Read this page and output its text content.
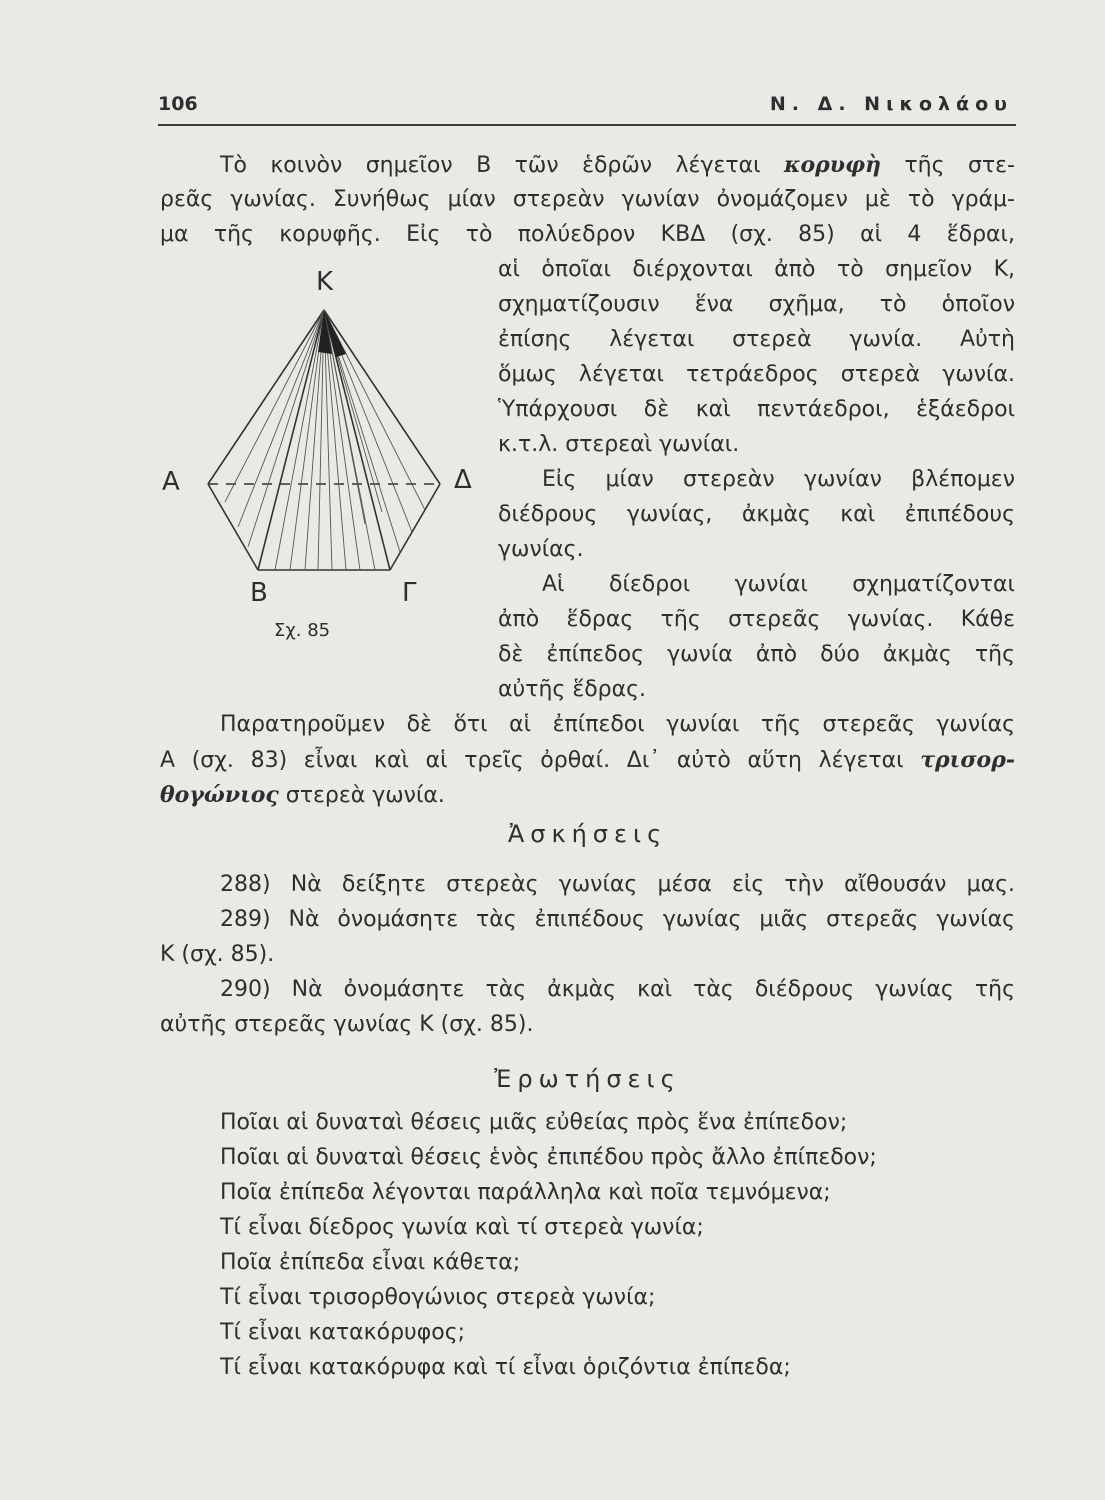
106	Ν. Δ. Νικολάου
Τὸ κοινὸν σημεῖον Β τῶν ἑδρῶν λέγεται κορυφὴ τῆς στε-
ρεᾶς γωνίας. Συνήθως μίαν στερεὰν γωνίαν ὀνομάζομεν μὲ τὸ γράμ-
μα τῆς κορυφῆς. Εἰς τὸ πολύεδρον ΚΒΔ (σχ. 85) αἱ 4 ἕδραι,
αἱ ὁποῖαι διέρχονται ἀπὸ τὸ σημεῖον Κ,
σχηματίζουσιν ἕνα σχῆμα, τὸ ὁποῖον
ἐπίσης λέγεται στερεὰ γωνία. Αὐτὴ
ὅμως λέγεται τετράεδρος στερεὰ γωνία.
Ὑπάρχουσι δὲ καὶ πεντάεδροι, ἑξάεδροι
κ.τ.λ. στερεαὶ γωνίαι.
Εἰς μίαν στερεὰν γωνίαν βλέπομεν
διέδρους γωνίας, ἀκμὰς καὶ ἐπιπέδους
γωνίας.
Αἱ δίεδροι γωνίαι σχηματίζονται
ἀπὸ ἕδρας τῆς στερεᾶς γωνίας. Κάθε
δὲ ἐπίπεδος γωνία ἀπὸ δύο ἀκμὰς τῆς
αὐτῆς ἕδρας.
Κ
Α	Δ
Β	Γ
Σχ. 85
Παρατηροῦμεν δὲ ὅτι αἱ ἐπίπεδοι γωνίαι τῆς στερεᾶς γωνίας
Α (σχ. 83) εἶναι καὶ αἱ τρεῖς ὀρθαί. Δι᾽ αὐτὸ αὕτη λέγεται τρισορ-
θογώνιος στερεὰ γωνία.
Ἀσκήσεις
288) Νὰ δείξητε στερεὰς γωνίας μέσα εἰς τὴν αἴθουσάν μας.
289) Νὰ ὀνομάσητε τὰς ἐπιπέδους γωνίας μιᾶς στερεᾶς γωνίας
Κ (σχ. 85).
290) Νὰ ὀνομάσητε τὰς ἀκμὰς καὶ τὰς διέδρους γωνίας τῆς
αὐτῆς στερεᾶς γωνίας Κ (σχ. 85).
Ἐρωτήσεις
Ποῖαι αἱ δυναταὶ θέσεις μιᾶς εὐθείας πρὸς ἕνα ἐπίπεδον;
Ποῖαι αἱ δυναταὶ θέσεις ἑνὸς ἐπιπέδου πρὸς ἄλλο ἐπίπεδον;
Ποῖα ἐπίπεδα λέγονται παράλληλα καὶ ποῖα τεμνόμενα;
Τί εἶναι δίεδρος γωνία καὶ τί στερεὰ γωνία;
Ποῖα ἐπίπεδα εἶναι κάθετα;
Τί εἶναι τρισορθογώνιος στερεὰ γωνία;
Τί εἶναι κατακόρυφος;
Τί εἶναι κατακόρυφα καὶ τί εἶναι ὁριζόντια ἐπίπεδα;
